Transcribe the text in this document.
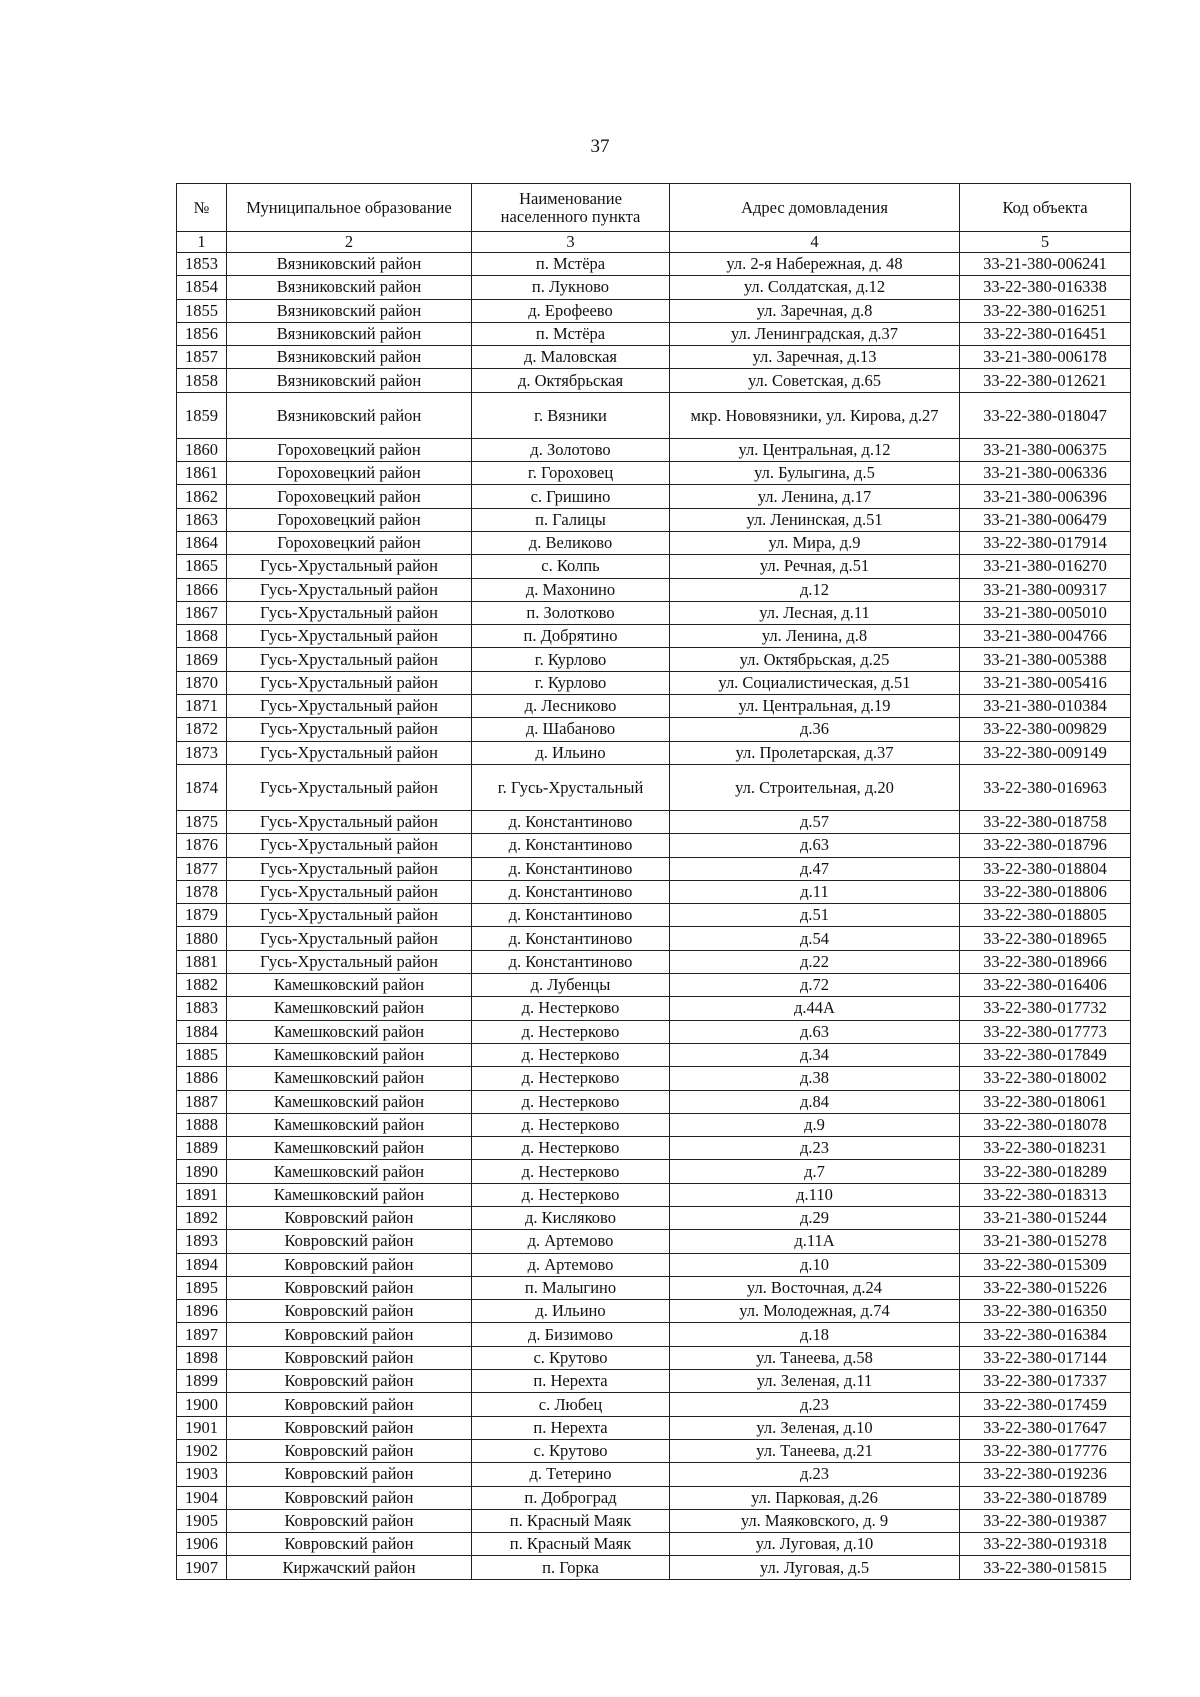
37
№	Муниципальное образование	Наименование населенного пункта	Адрес домовладения	Код объекта
1	2	3	4	5
1853	Вязниковский район	п. Мстёра	ул. 2-я Набережная, д. 48	33-21-380-006241
1854	Вязниковский район	п. Лукново	ул. Солдатская, д.12	33-22-380-016338
1855	Вязниковский район	д. Ерофеево	ул. Заречная, д.8	33-22-380-016251
1856	Вязниковский район	п. Мстёра	ул. Ленинградская, д.37	33-22-380-016451
1857	Вязниковский район	д. Маловская	ул. Заречная, д.13	33-21-380-006178
1858	Вязниковский район	д. Октябрьская	ул. Советская, д.65	33-22-380-012621
1859	Вязниковский район	г. Вязники	мкр. Нововязники, ул. Кирова, д.27	33-22-380-018047
1860	Гороховецкий район	д. Золотово	ул. Центральная, д.12	33-21-380-006375
1861	Гороховецкий район	г. Гороховец	ул. Булыгина, д.5	33-21-380-006336
1862	Гороховецкий район	с. Гришино	ул. Ленина, д.17	33-21-380-006396
1863	Гороховецкий район	п. Галицы	ул. Ленинская, д.51	33-21-380-006479
1864	Гороховецкий район	д. Великово	ул. Мира, д.9	33-22-380-017914
1865	Гусь-Хрустальный район	с. Колпь	ул. Речная, д.51	33-21-380-016270
1866	Гусь-Хрустальный район	д. Махонино	д.12	33-21-380-009317
1867	Гусь-Хрустальный район	п. Золотково	ул. Лесная, д.11	33-21-380-005010
1868	Гусь-Хрустальный район	п. Добрятино	ул. Ленина, д.8	33-21-380-004766
1869	Гусь-Хрустальный район	г. Курлово	ул. Октябрьская, д.25	33-21-380-005388
1870	Гусь-Хрустальный район	г. Курлово	ул. Социалистическая, д.51	33-21-380-005416
1871	Гусь-Хрустальный район	д. Лесниково	ул. Центральная, д.19	33-21-380-010384
1872	Гусь-Хрустальный район	д. Шабаново	д.36	33-22-380-009829
1873	Гусь-Хрустальный район	д. Ильино	ул. Пролетарская, д.37	33-22-380-009149
1874	Гусь-Хрустальный район	г. Гусь-Хрустальный	ул. Строительная, д.20	33-22-380-016963
1875	Гусь-Хрустальный район	д. Константиново	д.57	33-22-380-018758
1876	Гусь-Хрустальный район	д. Константиново	д.63	33-22-380-018796
1877	Гусь-Хрустальный район	д. Константиново	д.47	33-22-380-018804
1878	Гусь-Хрустальный район	д. Константиново	д.11	33-22-380-018806
1879	Гусь-Хрустальный район	д. Константиново	д.51	33-22-380-018805
1880	Гусь-Хрустальный район	д. Константиново	д.54	33-22-380-018965
1881	Гусь-Хрустальный район	д. Константиново	д.22	33-22-380-018966
1882	Камешковский район	д. Лубенцы	д.72	33-22-380-016406
1883	Камешковский район	д. Нестерково	д.44А	33-22-380-017732
1884	Камешковский район	д. Нестерково	д.63	33-22-380-017773
1885	Камешковский район	д. Нестерково	д.34	33-22-380-017849
1886	Камешковский район	д. Нестерково	д.38	33-22-380-018002
1887	Камешковский район	д. Нестерково	д.84	33-22-380-018061
1888	Камешковский район	д. Нестерково	д.9	33-22-380-018078
1889	Камешковский район	д. Нестерково	д.23	33-22-380-018231
1890	Камешковский район	д. Нестерково	д.7	33-22-380-018289
1891	Камешковский район	д. Нестерково	д.110	33-22-380-018313
1892	Ковровский район	д. Кисляково	д.29	33-21-380-015244
1893	Ковровский район	д. Артемово	д.11А	33-21-380-015278
1894	Ковровский район	д. Артемово	д.10	33-22-380-015309
1895	Ковровский район	п. Малыгино	ул. Восточная, д.24	33-22-380-015226
1896	Ковровский район	д. Ильино	ул. Молодежная, д.74	33-22-380-016350
1897	Ковровский район	д. Бизимово	д.18	33-22-380-016384
1898	Ковровский район	с. Крутово	ул. Танеева, д.58	33-22-380-017144
1899	Ковровский район	п. Нерехта	ул. Зеленая, д.11	33-22-380-017337
1900	Ковровский район	с. Любец	д.23	33-22-380-017459
1901	Ковровский район	п. Нерехта	ул. Зеленая, д.10	33-22-380-017647
1902	Ковровский район	с. Крутово	ул. Танеева, д.21	33-22-380-017776
1903	Ковровский район	д. Тетерино	д.23	33-22-380-019236
1904	Ковровский район	п. Доброград	ул. Парковая, д.26	33-22-380-018789
1905	Ковровский район	п. Красный Маяк	ул. Маяковского, д. 9	33-22-380-019387
1906	Ковровский район	п. Красный Маяк	ул. Луговая, д.10	33-22-380-019318
1907	Киржачский район	п. Горка	ул. Луговая, д.5	33-22-380-015815
